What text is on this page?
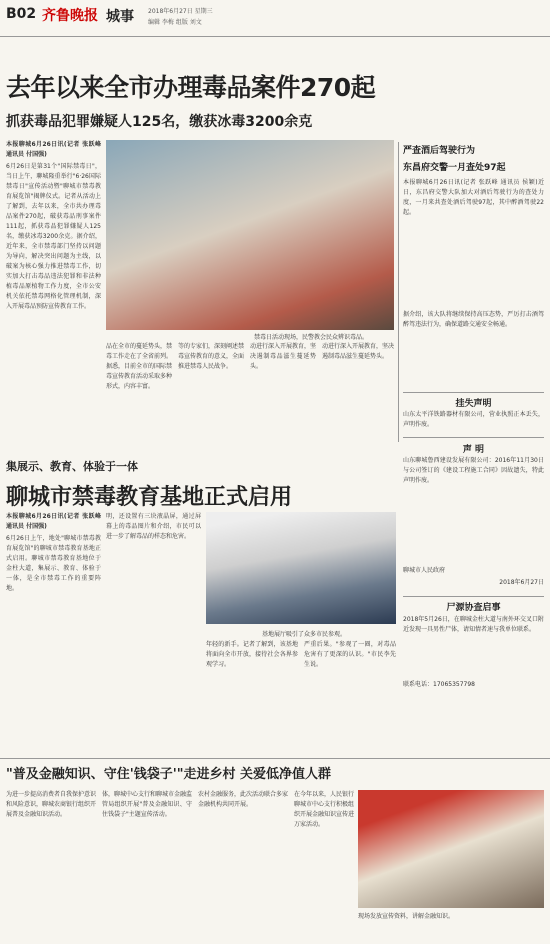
B02 齐鲁晚报 城事 2018年6月27日 星期三
编辑 李梅 组版 刘文
去年以来全市办理毒品案件270起
抓获毒品犯罪嫌疑人125名，缴获冰毒3200余克
本报聊城6月26日讯(记者 张跃峰 通讯员 付国强)
6月26日是第31个"国际禁毒日"，当日上午，聊城隆重举行"6·26国际禁毒日"宣传活动暨"聊城市禁毒教育展览馆"揭牌仪式。记者从活动上了解到，去年以来，全市共办理毒品案件270起，破获毒品刑事案件111起，抓获毒品犯罪嫌疑人125名，缴获冰毒3200余克。据介绍，近年来，全市禁毒部门坚持以问题为导向，解决突出问题为主线，以破案为核心强力推进禁毒工作，切实加大打击毒品违法犯罪和非法种植毒品原植物工作力度，全市公安机关依托禁毒网格化管理机制，深入开展毒品预防宣传教育工作。
禁毒日活动现场，民警教会民众辨识毒品。
品在全市的蔓延势头，禁毒工作走在了全省前列。据悉，目前全市的国际禁毒宣传教育活动采取多种形式，内容丰富。
等的专家们，深刻阐述禁毒宣传教育的意义，全面推进禁毒人民战争。
动进行深入开展教育，坚决遏制毒品滋生蔓延势头。
动进行深入开展教育，坚决遏制毒品滋生蔓延势头。
严查酒后驾驶行为
东昌府交警一月查处97起
本报聊城6月26日讯(记者 张跃峰 通讯员 侯颖)近日，东昌府交警大队加大对酒后驾驶行为的查处力度，一月来共查处酒后驾驶97起，其中醉酒驾驶22起。
据介绍，该大队将继续保持高压态势，严厉打击酒驾醉驾违法行为，确保道路交通安全畅通。
挂失声明
山东太平洋铁路器材有限公司，营业执照正本丢失，声明作废。
声 明
山东聊城鲁西建设发展有限公司：2016年11月30日与公司签订的《建设工程施工合同》因故遗失，特此声明作废。
聊城市人民政府
2018年6月27日
尸源协查启事
2018年5月26日，在聊城金柱大道与南外环交叉口附近发现一具男性尸体，请知情者速与我单位联系。
联系电话：17065357798
集展示、教育、体验于一体
聊城市禁毒教育基地正式启用
本报聊城6月26日讯(记者 张跃峰 通讯员 付国强)
6月26日上午，地处"聊城市禁毒教育展览馆"的聊城市禁毒教育基地正式启用。聊城市禁毒教育基地位于金柱大道，集展示、教育、体验于一体，是全市禁毒工作的重要阵地。
明，还设置有三块液晶屏，通过屏幕上的毒品图片和介绍，市民可以进一步了解毒品的样态和危害。
基地展厅吸引了众多市民参观。
年轻的新手。记者了解到，该基地将面向全市开放，接待社会各界参观学习。
严重后果。"参观了一圈，对毒品危害有了更深的认识。"市民李先生说。
"普及金融知识、守住'钱袋子'"走进乡村 关爱低净值人群
为进一步提高消费者自我保护意识和风险意识，聊城农商银行组织开展普及金融知识活动。
体，聊城中心支行和聊城市金融监管局组织开展"普及金融知识、守住钱袋子"主题宣传活动。
农村金融服务，此次活动联合多家金融机构共同开展。
在今年以来，人民银行聊城市中心支行积极组织开展金融知识宣传进万家活动。
现场发放宣传资料，讲解金融知识。
